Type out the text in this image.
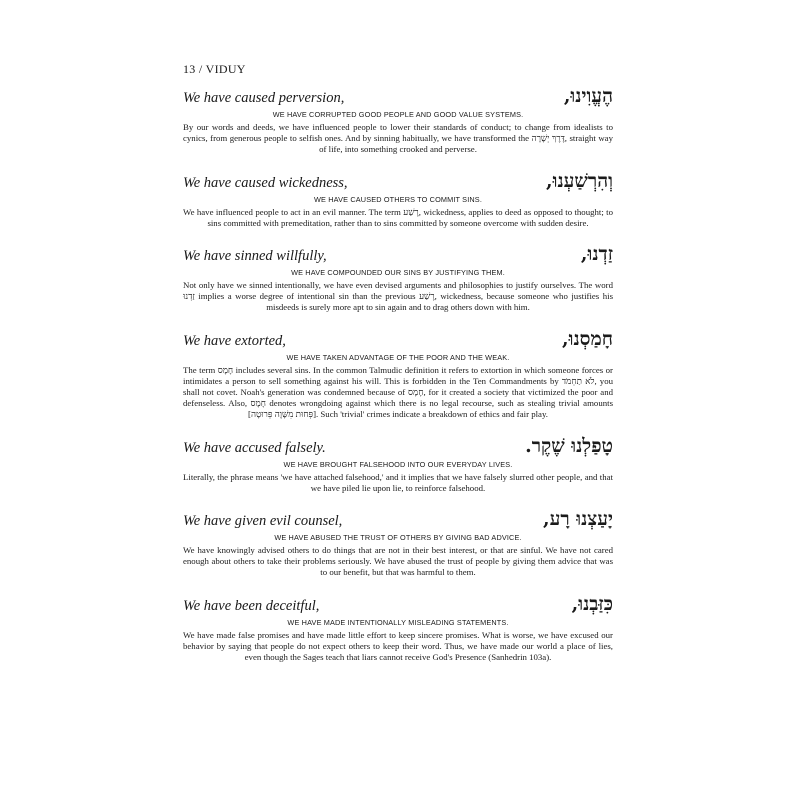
13 / VIDUY
We have caused perversion,	הֶעֱוִינוּ,
WE HAVE CORRUPTED GOOD PEOPLE AND GOOD VALUE SYSTEMS.
By our words and deeds, we have influenced people to lower their standards of conduct; to change from idealists to cynics, from generous people to selfish ones. And by sinning habitually, we have transformed the דֶּרֶךְ יְשָׁרָה, straight way of life, into something crooked and perverse.
We have caused wickedness,	וְהִרְשַׁעְנוּ,
WE HAVE CAUSED OTHERS TO COMMIT SINS.
We have influenced people to act in an evil manner. The term רֶשַׁע, wickedness, applies to deed as opposed to thought; to sins committed with premeditation, rather than to sins committed by someone overcome with sudden desire.
We have sinned willfully,	זַדְנוּ,
WE HAVE COMPOUNDED OUR SINS BY JUSTIFYING THEM.
Not only have we sinned intentionally, we have even devised arguments and philosophies to justify ourselves. The word זַדְנוּ implies a worse degree of intentional sin than the previous רֶשַׁע, wickedness, because someone who justifies his misdeeds is surely more apt to sin again and to drag others down with him.
We have extorted,	חָמַסְנוּ,
WE HAVE TAKEN ADVANTAGE OF THE POOR AND THE WEAK.
The term חָמָס includes several sins. In the common Talmudic definition it refers to extortion in which someone forces or intimidates a person to sell something against his will. This is forbidden in the Ten Commandments by לֹא תַחְמֹד, you shall not covet. Noah's generation was condemned because of חָמָס, for it created a society that victimized the poor and defenseless. Also, חָמָס denotes wrongdoing against which there is no legal recourse, such as stealing trivial amounts [פְּחוּת מִשָּׁוֶה פְּרוּטָה]. Such 'trivial' crimes indicate a breakdown of ethics and fair play.
We have accused falsely.	טָפַלְנוּ שֶׁקֶר.
WE HAVE BROUGHT FALSEHOOD INTO OUR EVERYDAY LIVES.
Literally, the phrase means 'we have attached falsehood,' and it implies that we have falsely slurred other people, and that we have piled lie upon lie, to reinforce falsehood.
We have given evil counsel,	יָעַצְנוּ רָע,
WE HAVE ABUSED THE TRUST OF OTHERS BY GIVING BAD ADVICE.
We have knowingly advised others to do things that are not in their best interest, or that are sinful. We have not cared enough about others to take their problems seriously. We have abused the trust of people by giving them advice that was to our benefit, but that was harmful to them.
We have been deceitful,	כִּזַּבְנוּ,
WE HAVE MADE INTENTIONALLY MISLEADING STATEMENTS.
We have made false promises and have made little effort to keep sincere promises. What is worse, we have excused our behavior by saying that people do not expect others to keep their word. Thus, we have made our world a place of lies, even though the Sages teach that liars cannot receive God's Presence (Sanhedrin 103a).
